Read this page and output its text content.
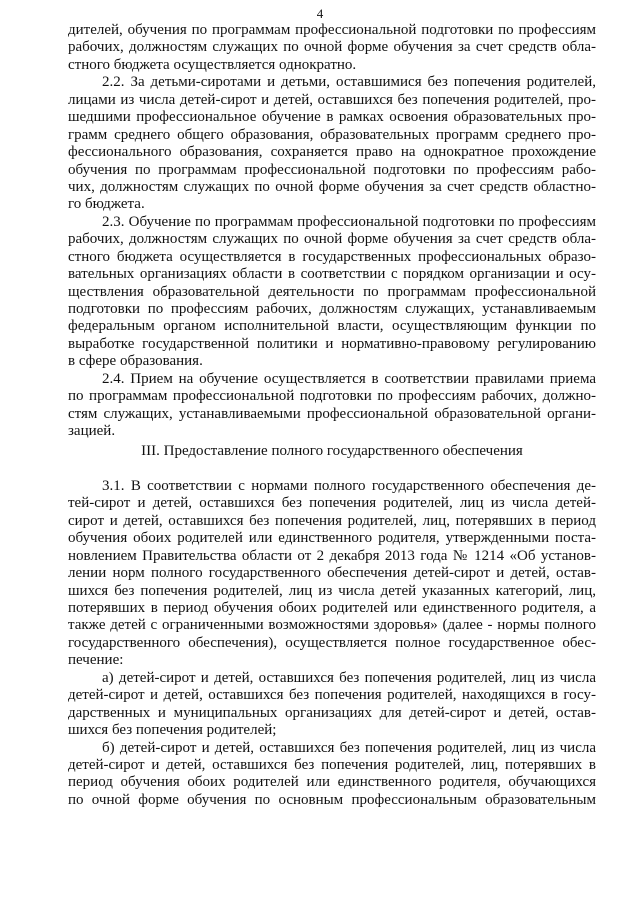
4
дителей, обучения по программам профессиональной подготовки по профессиям
рабочих, должностям служащих по очной форме обучения за счет средств обла-
стного бюджета осуществляется однократно.
2.2. За детьми-сиротами и детьми, оставшимися без попечения родителей,
лицами из числа детей-сирот и детей, оставшихся без попечения родителей, про-
шедшими профессиональное обучение в рамках освоения образовательных про-
грамм среднего общего образования, образовательных программ среднего про-
фессионального образования, сохраняется право на однократное прохождение
обучения по программам профессиональной подготовки по профессиям рабо-
чих, должностям служащих по очной форме обучения за счет средств областно-
го бюджета.
2.3. Обучение по программам профессиональной подготовки по профессиям
рабочих, должностям служащих по очной форме обучения за счет средств обла-
стного бюджета осуществляется в государственных профессиональных образо-
вательных организациях области в соответствии с порядком организации и осу-
ществления образовательной деятельности по программам профессиональной
подготовки по профессиям рабочих, должностям служащих, устанавливаемым
федеральным органом исполнительной власти, осуществляющим функции по
выработке государственной политики и нормативно-правовому регулированию
в сфере образования.
2.4. Прием на обучение осуществляется в соответствии правилами приема
по программам профессиональной подготовки по профессиям рабочих, должно-
стям служащих, устанавливаемыми профессиональной образовательной органи-
зацией.
III. Предоставление полного государственного обеспечения
3.1. В соответствии с нормами полного государственного обеспечения де-
тей-сирот и детей, оставшихся без попечения родителей, лиц из числа детей-
сирот и детей, оставшихся без попечения родителей, лиц, потерявших в период
обучения обоих родителей или единственного родителя, утвержденными поста-
новлением Правительства области от 2 декабря 2013 года № 1214 «Об установ-
лении норм полного государственного обеспечения детей-сирот и детей, остав-
шихся без попечения родителей, лиц из числа детей указанных категорий, лиц,
потерявших в период обучения обоих родителей или единственного родителя, а
также детей с ограниченными возможностями здоровья» (далее - нормы полного
государственного обеспечения), осуществляется полное государственное обес-
печение:
а) детей-сирот и детей, оставшихся без попечения родителей, лиц из числа
детей-сирот и детей, оставшихся без попечения родителей, находящихся в госу-
дарственных и муниципальных организациях для детей-сирот и детей, остав-
шихся без попечения родителей;
б) детей-сирот и детей, оставшихся без попечения родителей, лиц из числа
детей-сирот и детей, оставшихся без попечения родителей, лиц, потерявших в
период обучения обоих родителей или единственного родителя, обучающихся
по очной форме обучения по основным профессиональным образовательным
